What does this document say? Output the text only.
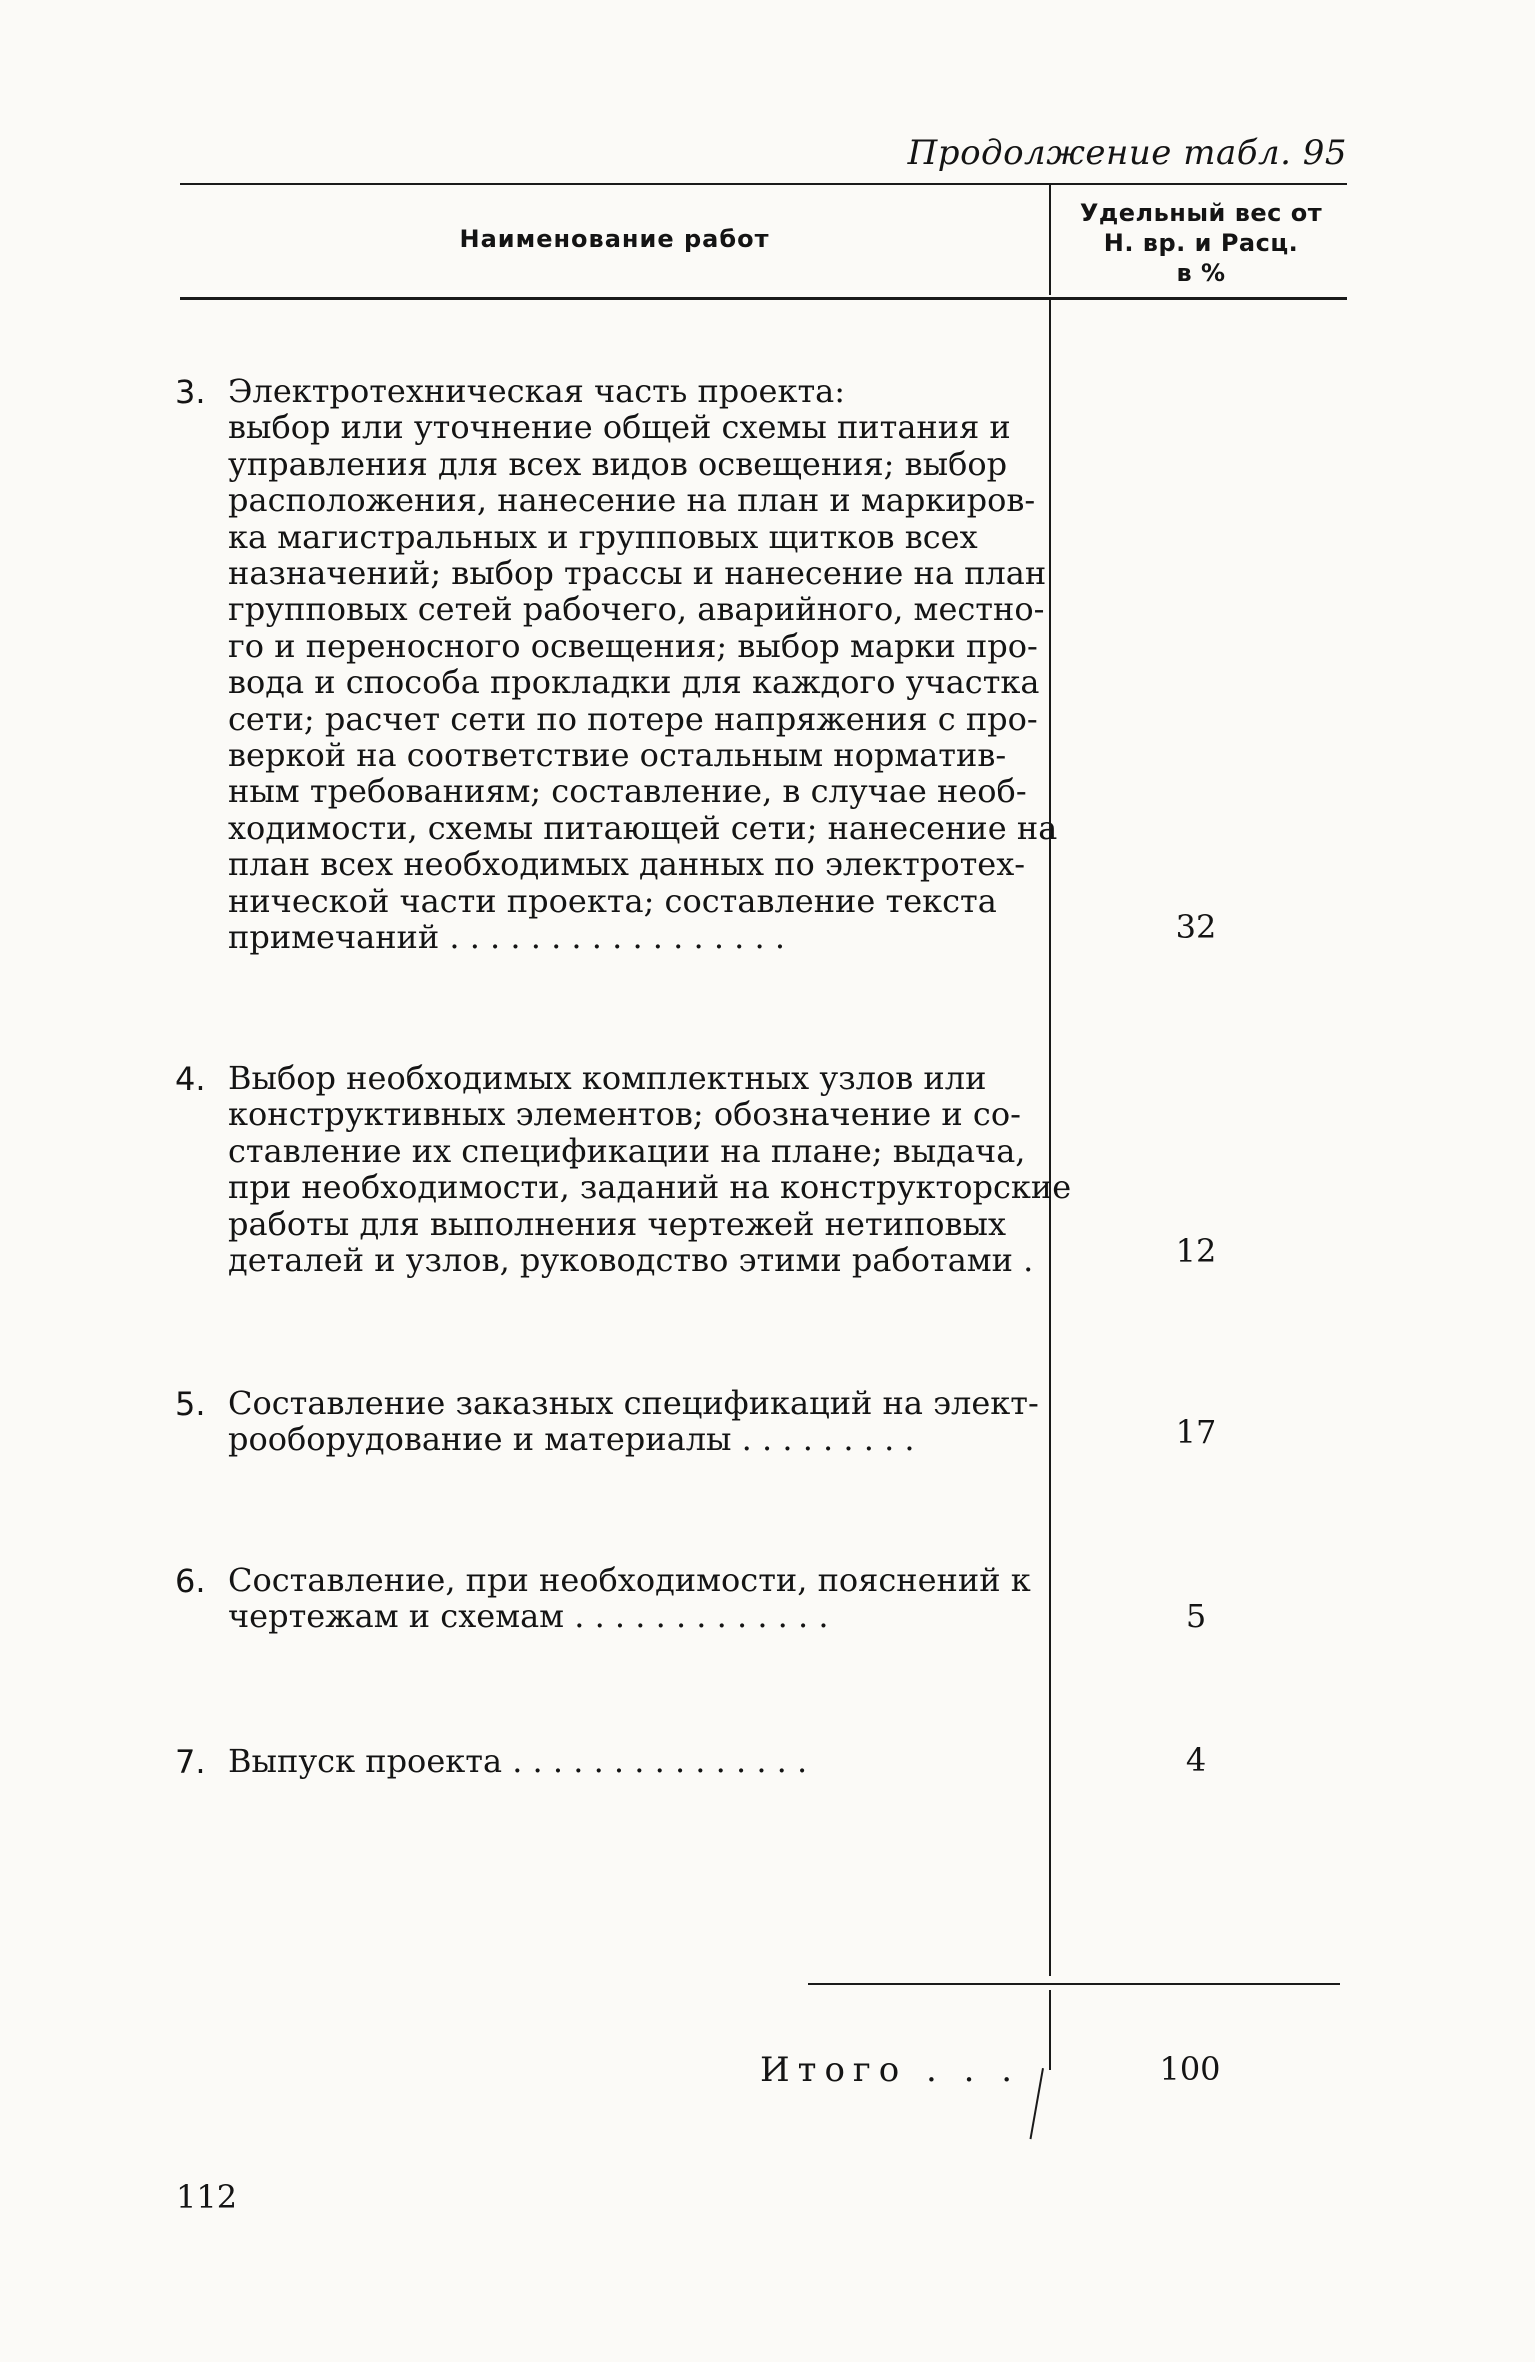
Продолжение табл. 95
Наименование работ
Удельный вес от
Н. вр. и Расц.
в %
3. Электротехническая часть проекта:
выбор или уточнение общей схемы питания и
управления для всех видов освещения; выбор
расположения, нанесение на план и маркиров-
ка магистральных и групповых щитков всех
назначений; выбор трассы и нанесение на план
групповых сетей рабочего, аварийного, местно-
го и переносного освещения; выбор марки про-
вода и способа прокладки для каждого участка
сети; расчет сети по потере напряжения с про-
веркой на соответствие остальным норматив-
ным требованиям; составление, в случае необ-
ходимости, схемы питающей сети; нанесение на
план всех необходимых данных по электротех-
нической части проекта; составление текста
примечаний . . . . . . . . . . . . . . . . .	32
4. Выбор необходимых комплектных узлов или
конструктивных элементов; обозначение и со-
ставление их спецификации на плане; выдача,
при необходимости, заданий на конструкторские
работы для выполнения чертежей нетиповых
деталей и узлов, руководство этими работами .	12
5. Составление заказных спецификаций на элект-
рооборудование и материалы . . . . . . . . .	17
6. Составление, при необходимости, пояснений к
чертежам и схемам . . . . . . . . . . . . .	5
7. Выпуск проекта . . . . . . . . . . . . . . .	4
Итого . . .	100
112
